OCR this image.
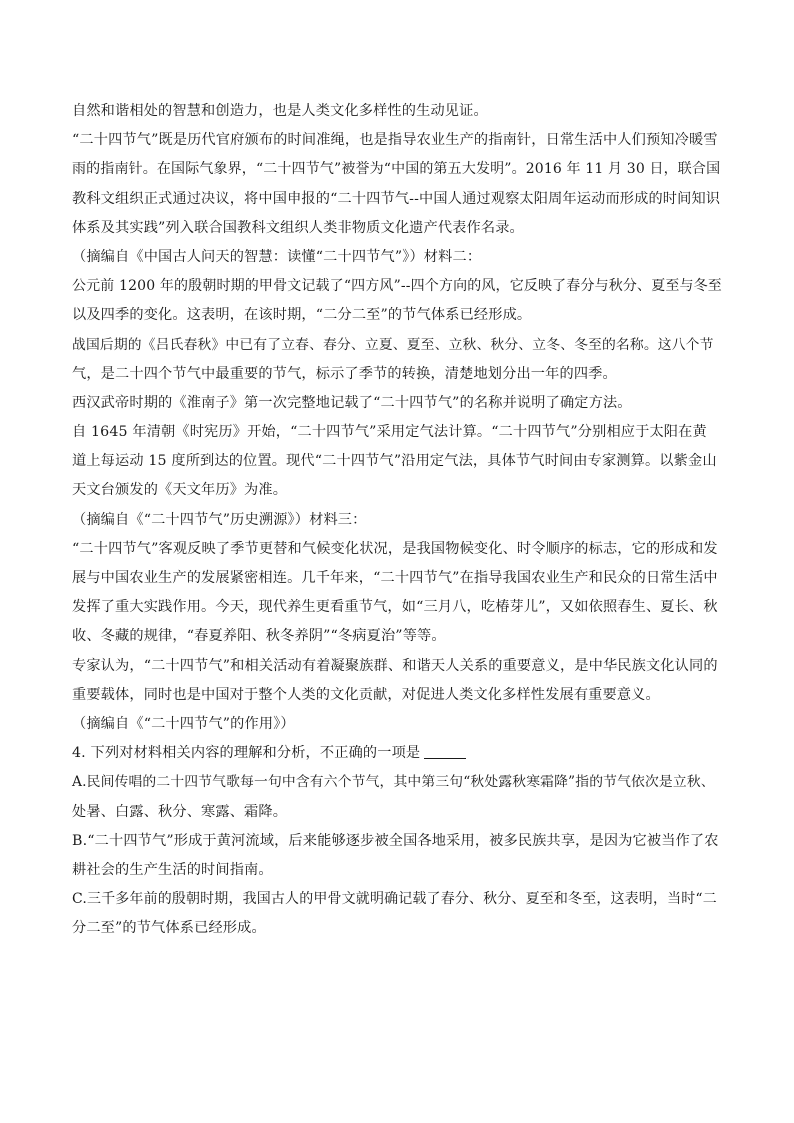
自然和谐相处的智慧和创造力，也是人类文化多样性的生动见证。
“二十四节气”既是历代官府颁布的时间准绳，也是指导农业生产的指南针，日常生活中人们预知冷暖雪
雨的指南针。在国际气象界，“二十四节气”被誉为“中国的第五大发明”。2016 年 11 月 30 日，联合国
教科文组织正式通过决议，将中国申报的“二十四节气--中国人通过观察太阳周年运动而形成的时间知识
体系及其实践”列入联合国教科文组织人类非物质文化遗产代表作名录。
（摘编自《中国古人问天的智慧：读懂“二十四节气”》）材料二：
公元前 1200 年的殷朝时期的甲骨文记载了“四方风”--四个方向的风，它反映了春分与秋分、夏至与冬至
以及四季的变化。这表明，在该时期，“二分二至”的节气体系已经形成。
战国后期的《吕氏春秋》中已有了立春、春分、立夏、夏至、立秋、秋分、立冬、冬至的名称。这八个节
气，是二十四个节气中最重要的节气，标示了季节的转换，清楚地划分出一年的四季。
西汉武帝时期的《淮南子》第一次完整地记载了“二十四节气”的名称并说明了确定方法。
自 1645 年清朝《时宪历》开始，“二十四节气”采用定气法计算。“二十四节气”分别相应于太阳在黄
道上每运动 15 度所到达的位置。现代“二十四节气”沿用定气法，具体节气时间由专家测算。以紫金山
天文台颁发的《天文年历》为准。
（摘编自《“二十四节气”历史溯源》）材料三：
“二十四节气”客观反映了季节更替和气候变化状况，是我国物候变化、时令顺序的标志，它的形成和发
展与中国农业生产的发展紧密相连。几千年来，“二十四节气”在指导我国农业生产和民众的日常生活中
发挥了重大实践作用。今天，现代养生更看重节气，如“三月八，吃椿芽儿”，又如依照春生、夏长、秋
收、冬藏的规律，“春夏养阳、秋冬养阴”“冬病夏治”等等。
专家认为，“二十四节气”和相关活动有着凝聚族群、和谐天人关系的重要意义，是中华民族文化认同的
重要载体，同时也是中国对于整个人类的文化贡献，对促进人类文化多样性发展有重要意义。
（摘编自《“二十四节气”的作用》）
4. 下列对材料相关内容的理解和分析，不正确的一项是
A.民间传唱的二十四节气歌每一句中含有六个节气，其中第三句“秋处露秋寒霜降”指的节气依次是立秋、
处暑、白露、秋分、寒露、霜降。
B.“二十四节气”形成于黄河流域，后来能够逐步被全国各地采用，被多民族共享，是因为它被当作了农
耕社会的生产生活的时间指南。
C.三千多年前的殷朝时期，我国古人的甲骨文就明确记载了春分、秋分、夏至和冬至，这表明，当时“二
分二至”的节气体系已经形成。
